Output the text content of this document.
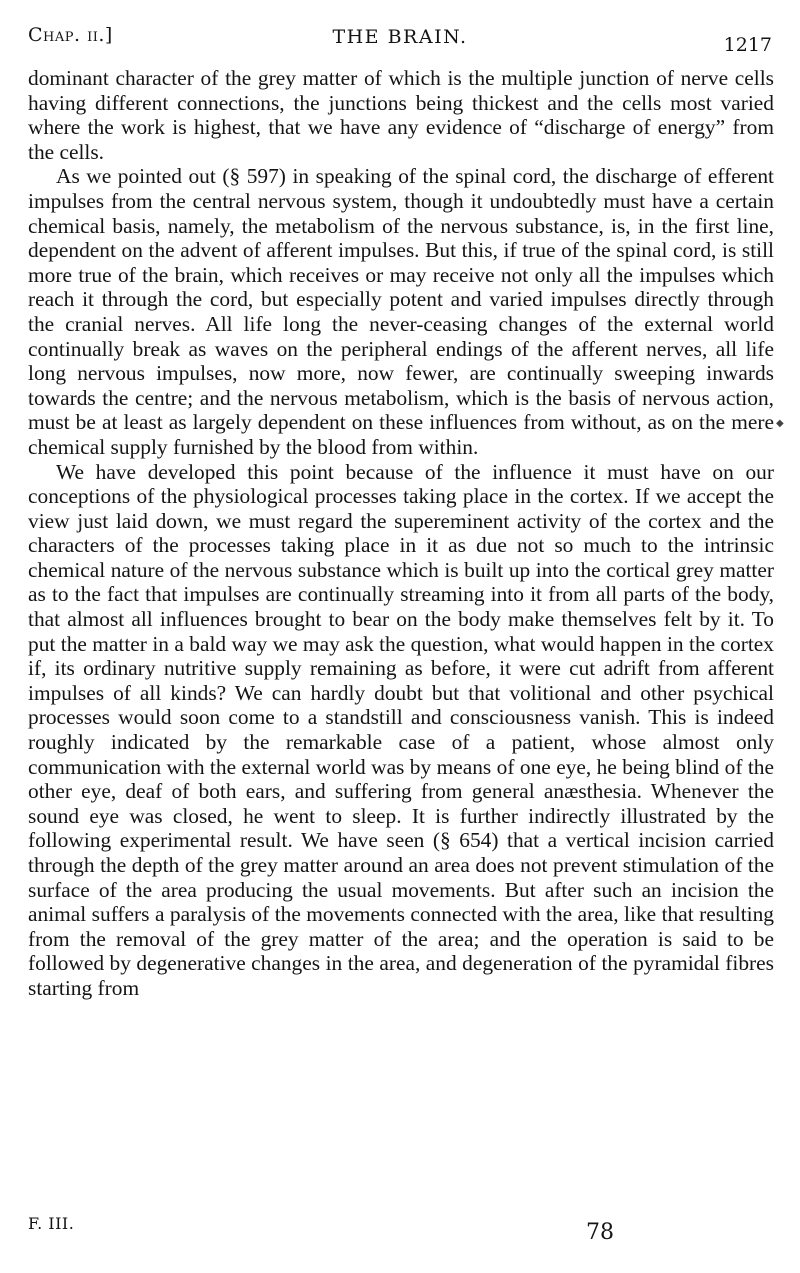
Chap. ii.]	THE BRAIN.	1217

dominant character of the grey matter of which is the multiple junction of nerve cells having different connections, the junctions being thickest and the cells most varied where the work is highest, that we have any evidence of “discharge of energy” from the cells.

As we pointed out (§ 597) in speaking of the spinal cord, the discharge of efferent impulses from the central nervous system, though it undoubtedly must have a certain chemical basis, namely, the metabolism of the nervous substance, is, in the first line, dependent on the advent of afferent impulses. But this, if true of the spinal cord, is still more true of the brain, which receives or may receive not only all the impulses which reach it through the cord, but especially potent and varied impulses directly through the cranial nerves. All life long the never-ceasing changes of the external world continually break as waves on the peripheral endings of the afferent nerves, all life long nervous impulses, now more, now fewer, are continually sweeping inwards towards the centre; and the nervous metabolism, which is the basis of nervous action, must be at least as largely dependent on these influences from without, as on the mere chemical supply furnished by the blood from within.

We have developed this point because of the influence it must have on our conceptions of the physiological processes taking place in the cortex. If we accept the view just laid down, we must regard the supereminent activity of the cortex and the characters of the processes taking place in it as due not so much to the intrinsic chemical nature of the nervous substance which is built up into the cortical grey matter as to the fact that impulses are continually streaming into it from all parts of the body, that almost all influences brought to bear on the body make themselves felt by it. To put the matter in a bald way we may ask the question, what would happen in the cortex if, its ordinary nutritive supply remaining as before, it were cut adrift from afferent impulses of all kinds? We can hardly doubt but that volitional and other psychical processes would soon come to a standstill and consciousness vanish. This is indeed roughly indicated by the remarkable case of a patient, whose almost only communication with the external world was by means of one eye, he being blind of the other eye, deaf of both ears, and suffering from general anæsthesia. Whenever the sound eye was closed, he went to sleep. It is further indirectly illustrated by the following experimental result. We have seen (§ 654) that a vertical incision carried through the depth of the grey matter around an area does not prevent stimulation of the surface of the area producing the usual movements. But after such an incision the animal suffers a paralysis of the movements connected with the area, like that resulting from the removal of the grey matter of the area; and the operation is said to be followed by degenerative changes in the area, and degeneration of the pyramidal fibres starting from

◆
F. III.	78
